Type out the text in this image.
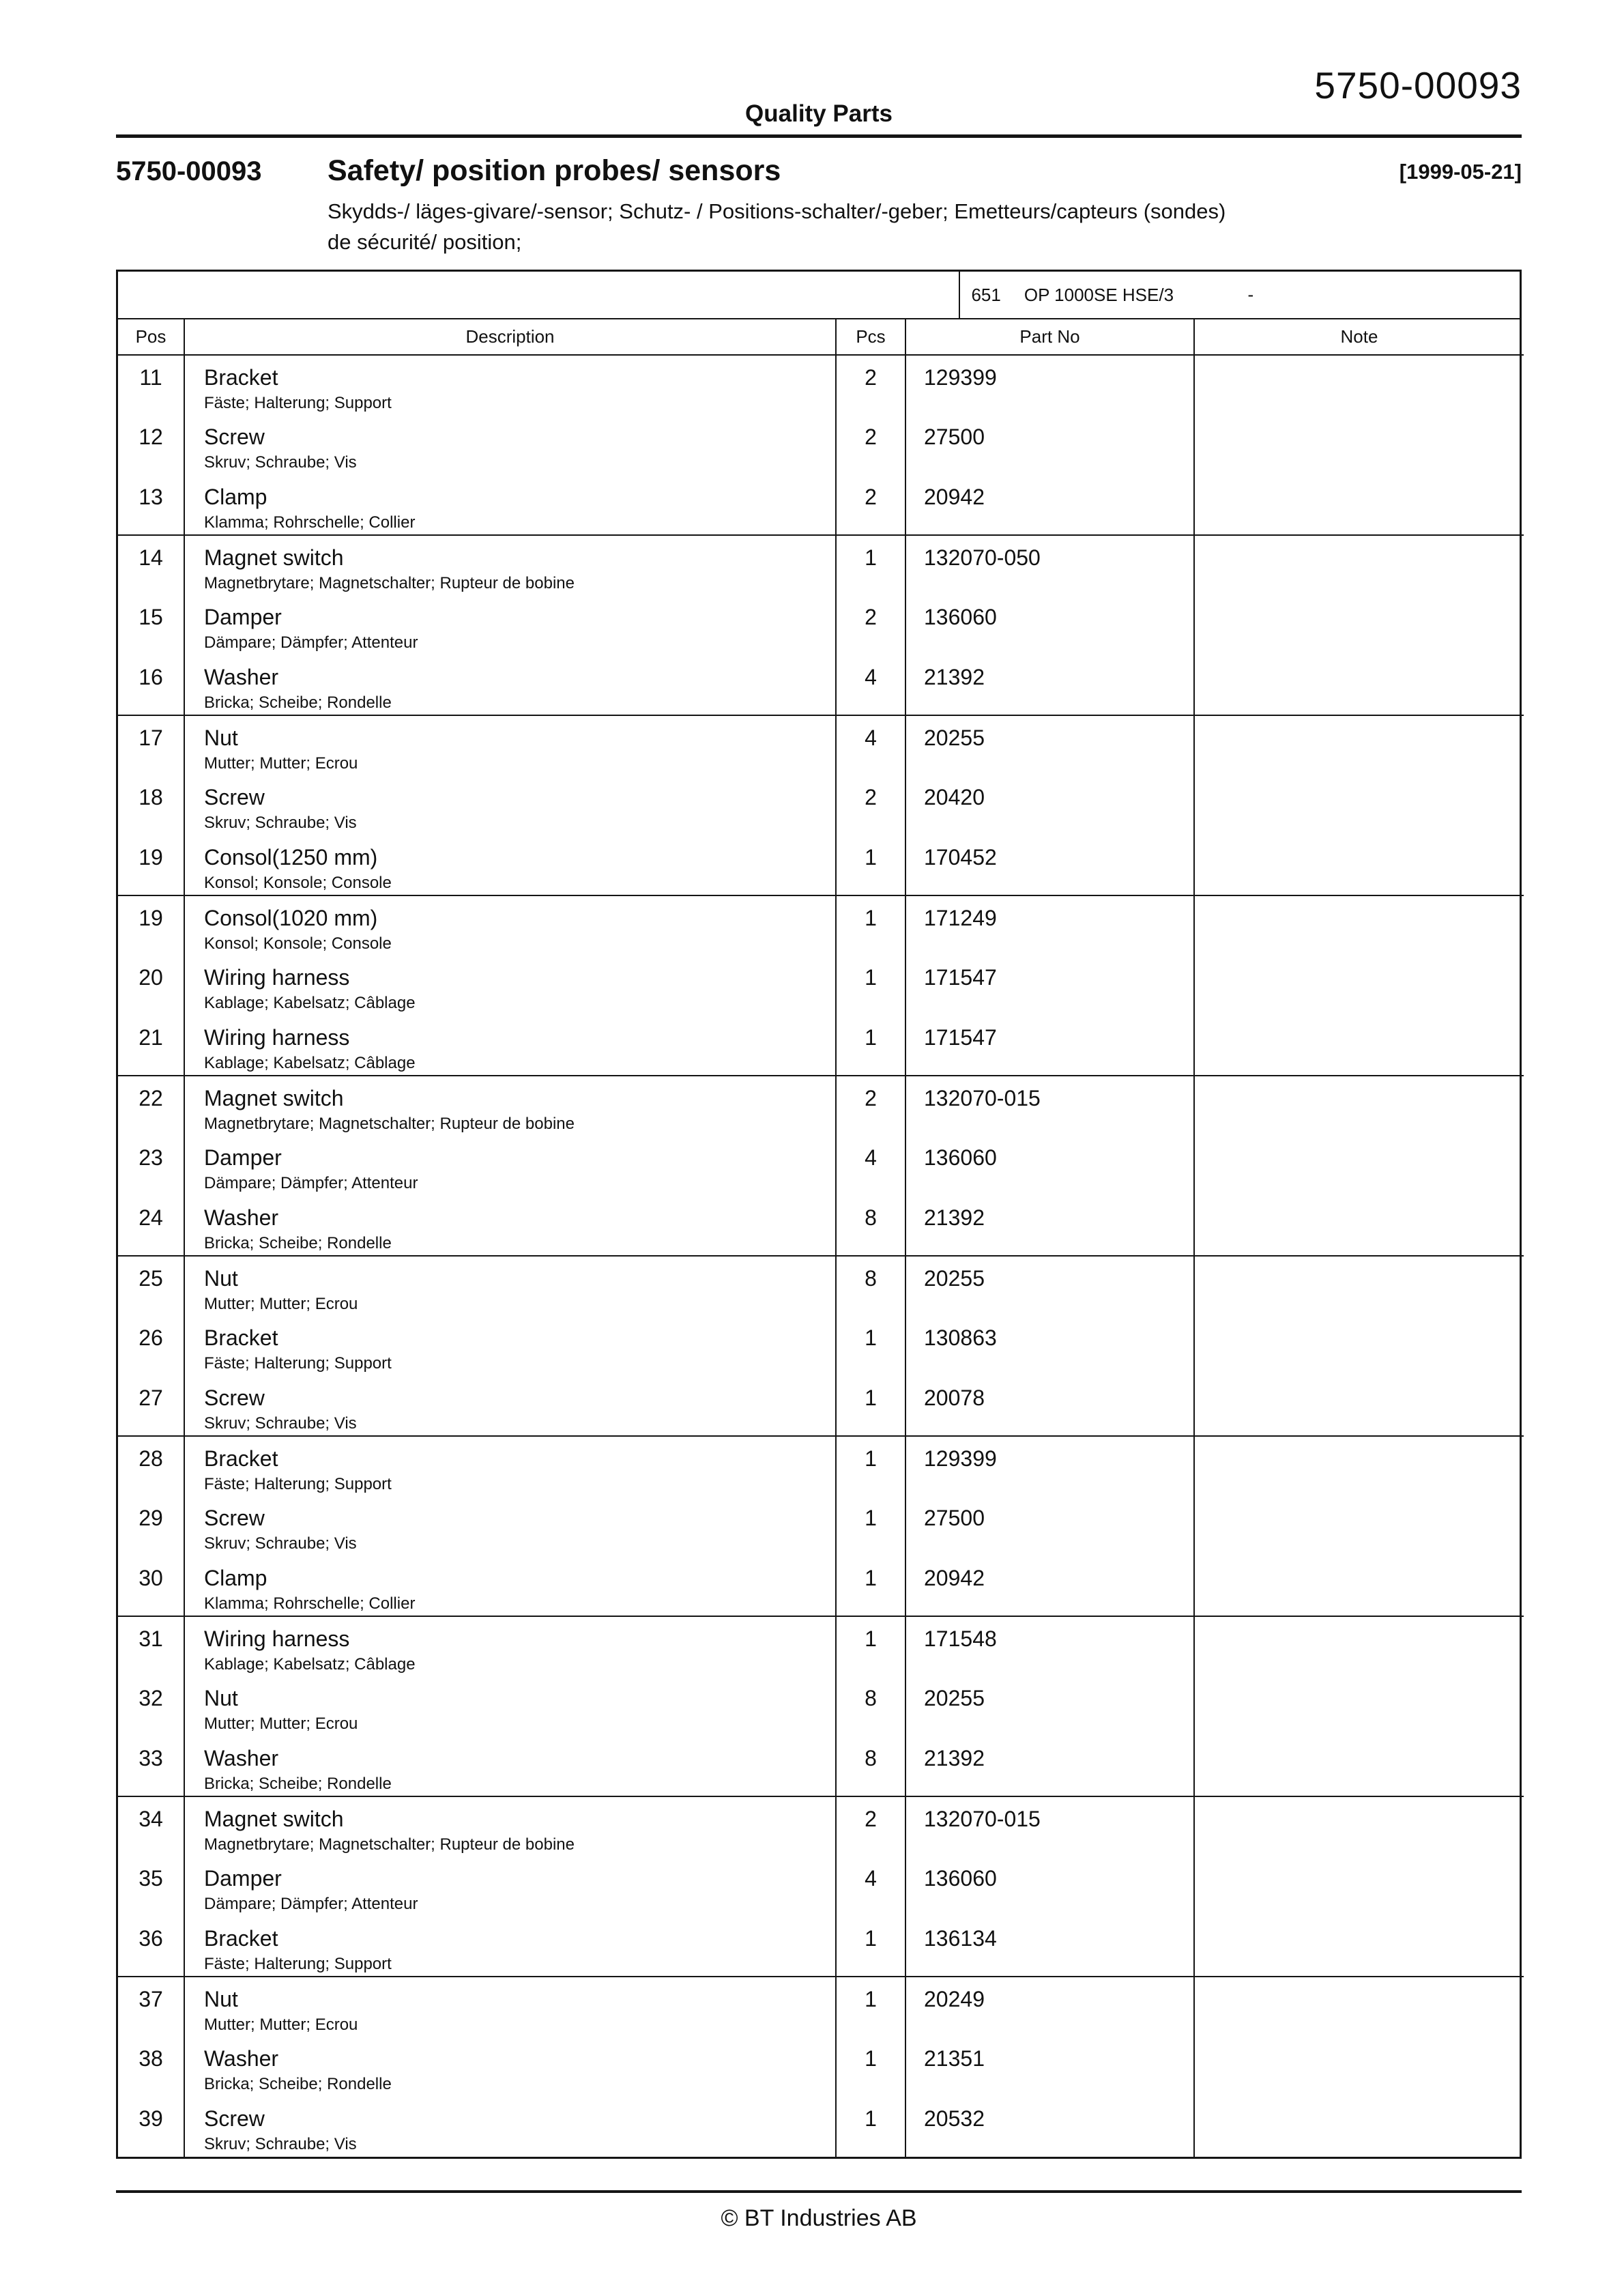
Quality Parts
5750-00093
5750-00093	Safety/ position probes/ sensors
Skydds-/ läges-givare/-sensor; Schutz- / Positions-schalter/-geber; Emetteurs/capteurs (sondes)
de sécurité/ position;
[1999-05-21]
651 OP 1000SE HSE/3	-
Pos	Description	Pcs	Part No	Note
11	Bracket
Fäste; Halterung; Support	2	129399	
12	Screw
Skruv; Schraube; Vis	2	27500	
13	Clamp
Klamma; Rohrschelle; Collier	2	20942	
14	Magnet switch
Magnetbrytare; Magnetschalter; Rupteur de bobine	1	132070-050	
15	Damper
Dämpare; Dämpfer; Attenteur	2	136060	
16	Washer
Bricka; Scheibe; Rondelle	4	21392	
17	Nut
Mutter; Mutter; Ecrou	4	20255	
18	Screw
Skruv; Schraube; Vis	2	20420	
19	Consol(1250 mm)
Konsol; Konsole; Console	1	170452	
19	Consol(1020 mm)
Konsol; Konsole; Console	1	171249	
20	Wiring harness
Kablage; Kabelsatz; Câblage	1	171547	
21	Wiring harness
Kablage; Kabelsatz; Câblage	1	171547	
22	Magnet switch
Magnetbrytare; Magnetschalter; Rupteur de bobine	2	132070-015	
23	Damper
Dämpare; Dämpfer; Attenteur	4	136060	
24	Washer
Bricka; Scheibe; Rondelle	8	21392	
25	Nut
Mutter; Mutter; Ecrou	8	20255	
26	Bracket
Fäste; Halterung; Support	1	130863	
27	Screw
Skruv; Schraube; Vis	1	20078	
28	Bracket
Fäste; Halterung; Support	1	129399	
29	Screw
Skruv; Schraube; Vis	1	27500	
30	Clamp
Klamma; Rohrschelle; Collier	1	20942	
31	Wiring harness
Kablage; Kabelsatz; Câblage	1	171548	
32	Nut
Mutter; Mutter; Ecrou	8	20255	
33	Washer
Bricka; Scheibe; Rondelle	8	21392	
34	Magnet switch
Magnetbrytare; Magnetschalter; Rupteur de bobine	2	132070-015	
35	Damper
Dämpare; Dämpfer; Attenteur	4	136060	
36	Bracket
Fäste; Halterung; Support	1	136134	
37	Nut
Mutter; Mutter; Ecrou	1	20249	
38	Washer
Bricka; Scheibe; Rondelle	1	21351	
39	Screw
Skruv; Schraube; Vis	1	20532	
© BT Industries AB
